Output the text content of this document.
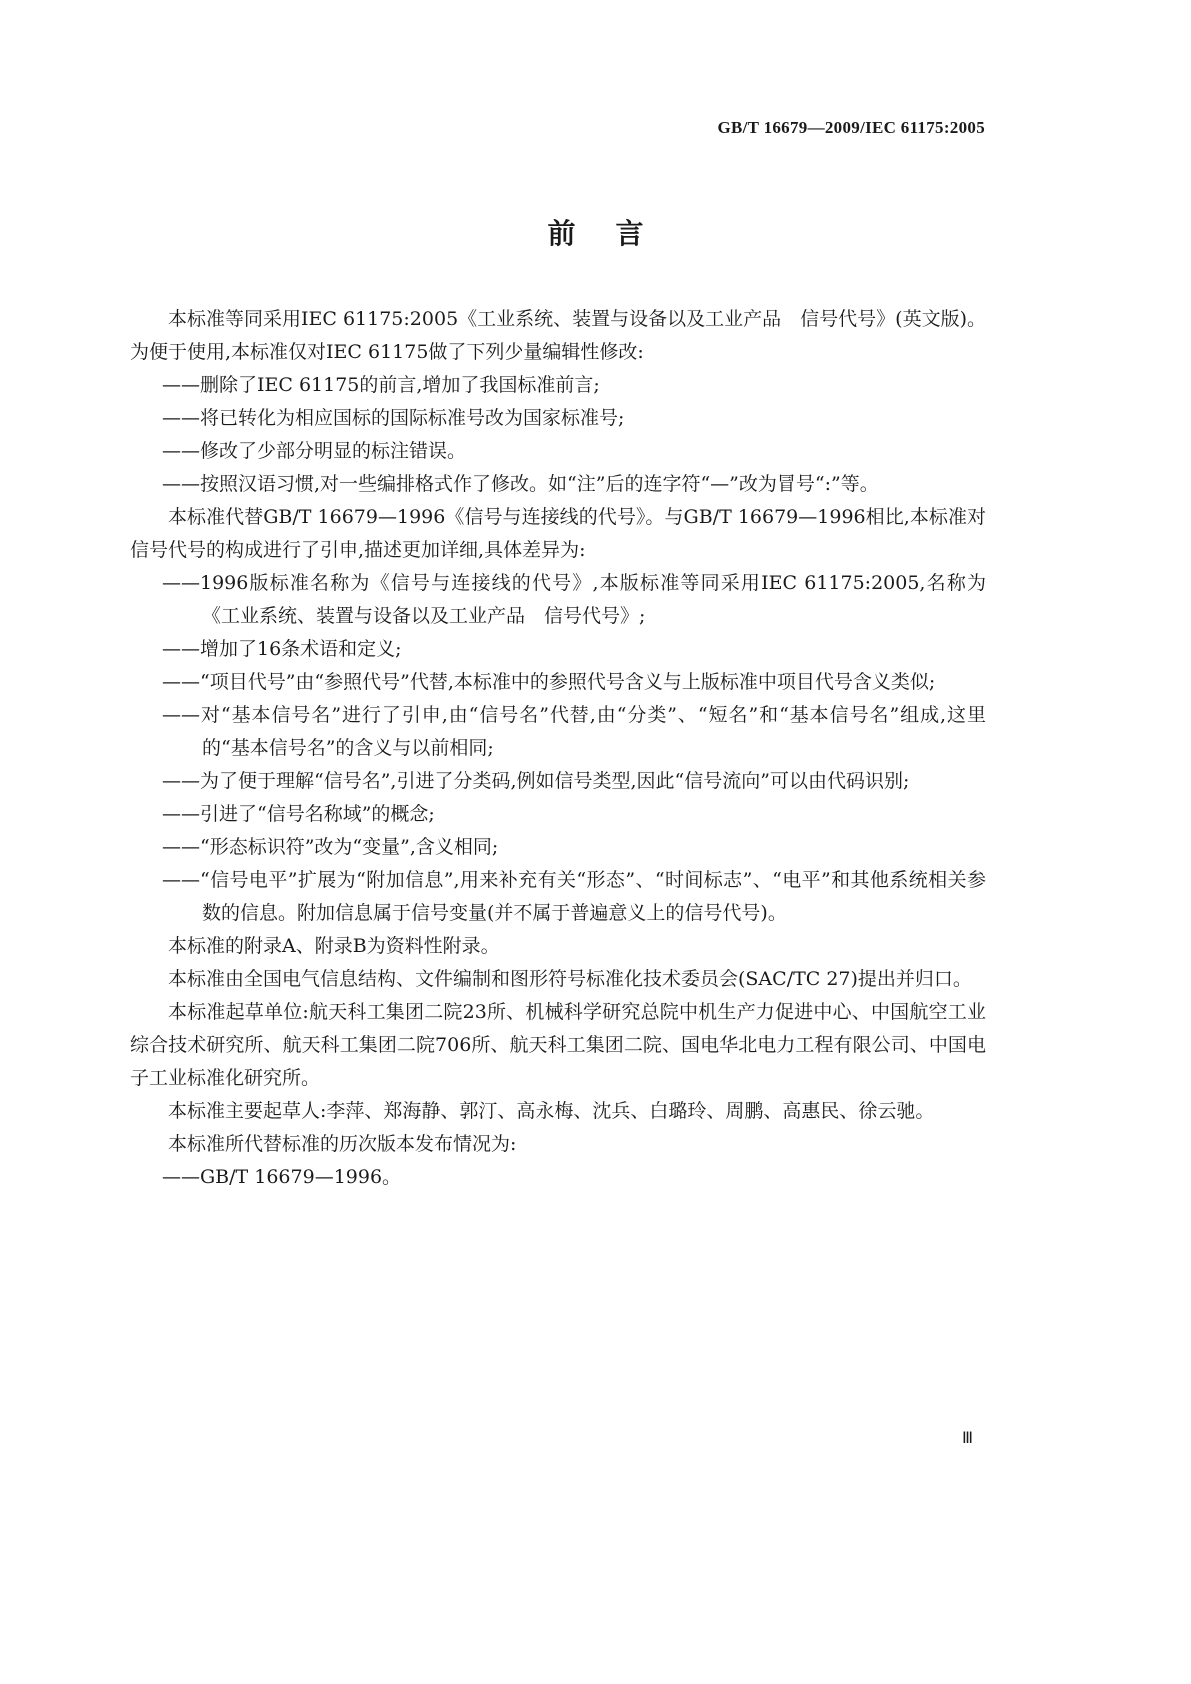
GB/T 16679—2009/IEC 61175:2005
前言

本标准等同采用IEC 61175:2005《工业系统、装置与设备以及工业产品　信号代号》(英文版)。为便于使用,本标准仅对IEC 61175做了下列少量编辑性修改:

——删除了IEC 61175的前言,增加了我国标准前言;

——将已转化为相应国标的国际标准号改为国家标准号;

——修改了少部分明显的标注错误。

——按照汉语习惯,对一些编排格式作了修改。如“注”后的连字符“—”改为冒号“:”等。

本标准代替GB/T 16679—1996《信号与连接线的代号》。与GB/T 16679—1996相比,本标准对信号代号的构成进行了引申,描述更加详细,具体差异为:

——1996版标准名称为《信号与连接线的代号》,本版标准等同采用IEC 61175:2005,名称为《工业系统、装置与设备以及工业产品　信号代号》;

——增加了16条术语和定义;

——“项目代号”由“参照代号”代替,本标准中的参照代号含义与上版标准中项目代号含义类似;

——对“基本信号名”进行了引申,由“信号名”代替,由“分类”、“短名”和“基本信号名”组成,这里的“基本信号名”的含义与以前相同;

——为了便于理解“信号名”,引进了分类码,例如信号类型,因此“信号流向”可以由代码识别;

——引进了“信号名称域”的概念;

——“形态标识符”改为“变量”,含义相同;

——“信号电平”扩展为“附加信息”,用来补充有关“形态”、“时间标志”、“电平”和其他系统相关参数的信息。附加信息属于信号变量(并不属于普遍意义上的信号代号)。

本标准的附录A、附录B为资料性附录。

本标准由全国电气信息结构、文件编制和图形符号标准化技术委员会(SAC/TC 27)提出并归口。

本标准起草单位:航天科工集团二院23所、机械科学研究总院中机生产力促进中心、中国航空工业综合技术研究所、航天科工集团二院706所、航天科工集团二院、国电华北电力工程有限公司、中国电子工业标准化研究所。

本标准主要起草人:李萍、郑海静、郭汀、高永梅、沈兵、白璐玲、周鹏、高惠民、徐云驰。

本标准所代替标准的历次版本发布情况为:

——GB/T 16679—1996。

Ⅲ
